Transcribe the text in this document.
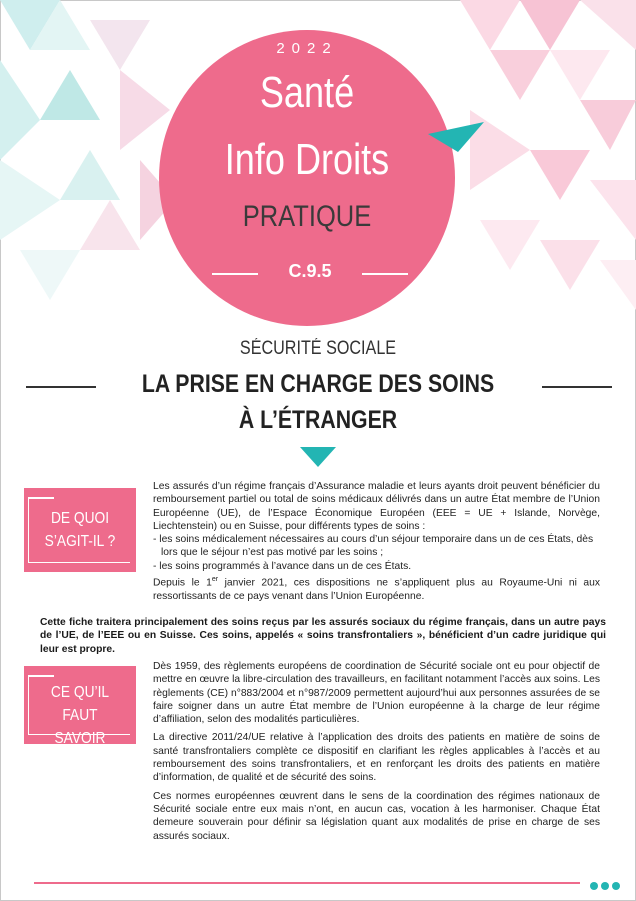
2022
Santé
Info Droits
PRATIQUE
C.9.5
SÉCURITÉ SOCIALE
LA PRISE EN CHARGE DES SOINS
À L’ÉTRANGER
DE QUOI
S’AGIT-IL ?

Les assurés d’un régime français d’Assurance maladie et leurs ayants droit peuvent bénéficier du remboursement partiel ou total de soins médicaux délivrés dans un autre État membre de l’Union Européenne (UE), de l’Espace Économique Européen (EEE = UE + Islande, Norvège, Liechtenstein) ou en Suisse, pour différents types de soins :

- les soins médicalement nécessaires au cours d’un séjour temporaire dans un de ces États, dès lors que le séjour n’est pas motivé par les soins ;

- les soins programmés à l’avance dans un de ces États.

Depuis le 1er janvier 2021, ces dispositions ne s’appliquent plus au Royaume-Uni ni aux ressortissants de ce pays venant dans l’Union Européenne.

Cette fiche traitera principalement des soins reçus par les assurés sociaux du régime français, dans un autre pays de l’UE, de l’EEE ou en Suisse. Ces soins, appelés « soins transfrontaliers », bénéficient d’un cadre juridique qui leur est propre.
CE QU’IL
FAUT SAVOIR

Dès 1959, des règlements européens de coordination de Sécurité sociale ont eu pour objectif de mettre en œuvre la libre-circulation des travailleurs, en facilitant notamment l’accès aux soins. Les règlements (CE) n°883/2004 et n°987/2009 permettent aujourd’hui aux personnes assurées de se faire soigner dans un autre État membre de l’Union européenne à la charge de leur régime d’affiliation, selon des modalités particulières.

La directive 2011/24/UE relative à l’application des droits des patients en matière de soins de santé transfrontaliers complète ce dispositif en clarifiant les règles applicables à l’accès et au remboursement des soins transfrontaliers, et en renforçant les droits des patients en matière d’information, de qualité et de sécurité des soins.

Ces normes européennes œuvrent dans le sens de la coordination des régimes nationaux de Sécurité sociale entre eux mais n’ont, en aucun cas, vocation à les harmoniser. Chaque État demeure souverain pour définir sa législation quant aux modalités de prise en charge de ses assurés sociaux.
